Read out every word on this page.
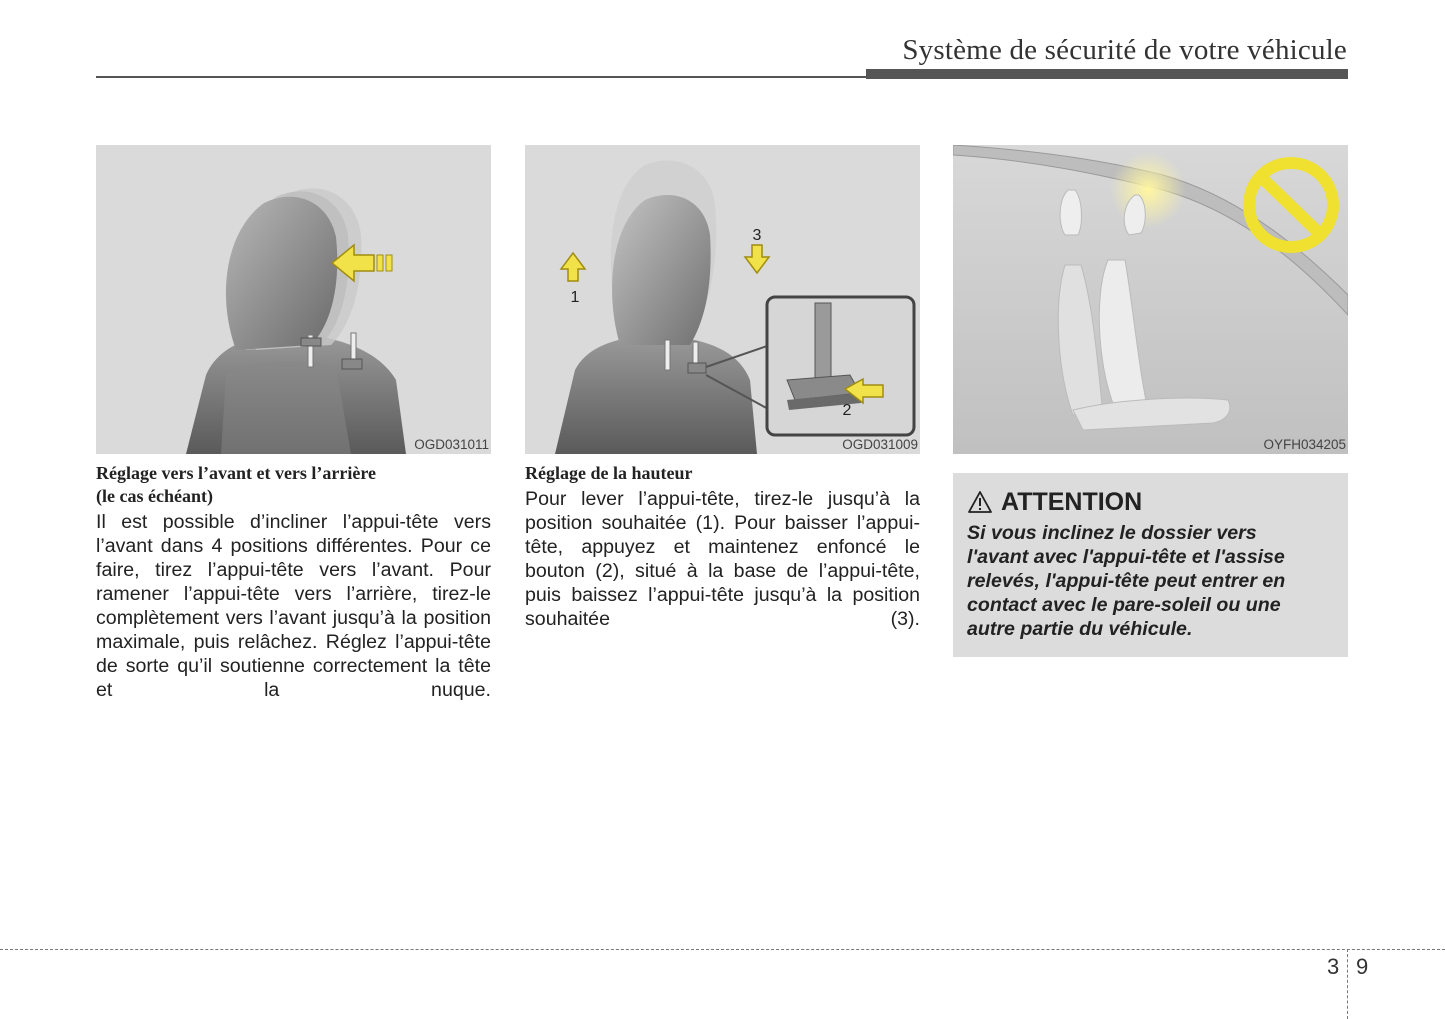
Système de sécurité de votre véhicule
OGD031011
1
3
2
OGD031009	OYFH034205
Réglage vers l’avant et vers l’arrière
(le cas échéant)
Il est possible d’incliner l’appui-tête vers l’avant dans 4 positions différentes. Pour ce faire, tirez l’appui-tête vers l’avant. Pour ramener l’appui-tête vers l’arrière, tirez-le complètement vers l’avant jusqu’à la position maximale, puis relâchez. Réglez l’appui-tête de sorte qu’il soutienne correctement la tête et la nuque.
Réglage de la hauteur
Pour lever l’appui-tête, tirez-le jusqu’à la position souhaitée (1). Pour baisser l’appui-tête, appuyez et maintenez enfoncé le bouton (2), situé à la base de l’appui-tête, puis baissez l’appui-tête jusqu’à la position souhaitée (3).
ATTENTION

Si vous inclinez le dossier vers

l'avant avec l'appui-tête et l'assise

relevés, l'appui-tête peut entrer en

contact avec le pare-soleil ou une

autre partie du véhicule.

3 9
